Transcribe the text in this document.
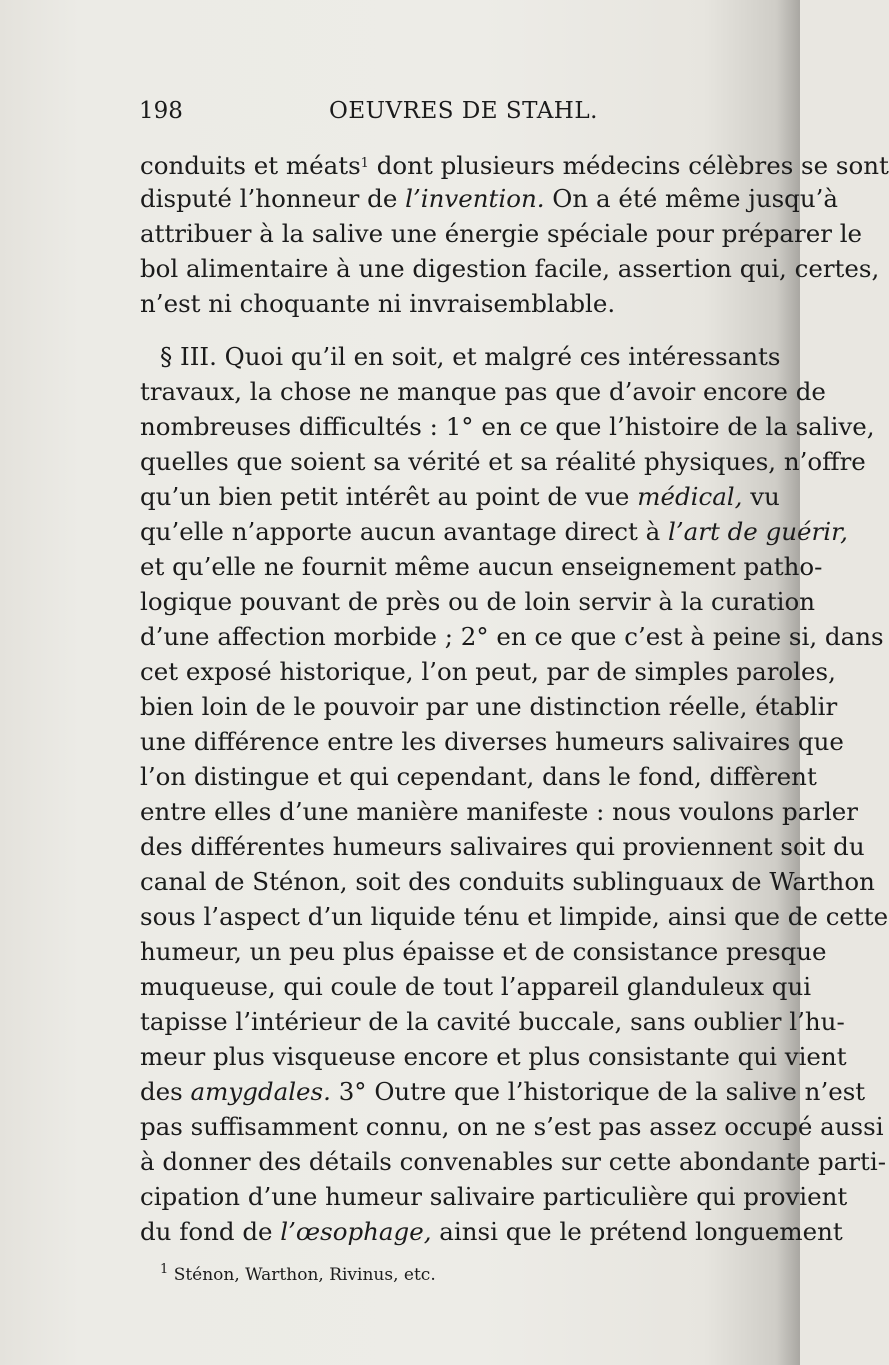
198	OEUVRES DE STAHL.
conduits et méats$^1$ dont plusieurs médecins célèbres se sont
disputé l’honneur de l’invention. On a été même jusqu’à
attribuer à la salive une énergie spéciale pour préparer le
bol alimentaire à une digestion facile, assertion qui, certes,
n’est ni choquante ni invraisemblable.
§ III. Quoi qu’il en soit, et malgré ces intéressants
travaux, la chose ne manque pas que d’avoir encore de
nombreuses difficultés : 1° en ce que l’histoire de la salive,
quelles que soient sa vérité et sa réalité physiques, n’offre
qu’un bien petit intérêt au point de vue médical, vu
qu’elle n’apporte aucun avantage direct à l’art de guérir,
et qu’elle ne fournit même aucun enseignement patho-
logique pouvant de près ou de loin servir à la curation
d’une affection morbide ; 2° en ce que c’est à peine si, dans
cet exposé historique, l’on peut, par de simples paroles,
bien loin de le pouvoir par une distinction réelle, établir
une différence entre les diverses humeurs salivaires que
l’on distingue et qui cependant, dans le fond, diffèrent
entre elles d’une manière manifeste : nous voulons parler
des différentes humeurs salivaires qui proviennent soit du
canal de Sténon, soit des conduits sublinguaux de Warthon
sous l’aspect d’un liquide ténu et limpide, ainsi que de cette
humeur, un peu plus épaisse et de consistance presque
muqueuse, qui coule de tout l’appareil glanduleux qui
tapisse l’intérieur de la cavité buccale, sans oublier l’hu-
meur plus visqueuse encore et plus consistante qui vient
des amygdales. 3° Outre que l’historique de la salive n’est
pas suffisamment connu, on ne s’est pas assez occupé aussi
à donner des détails convenables sur cette abondante parti-
cipation d’une humeur salivaire particulière qui provient
du fond de l’œsophage, ainsi que le prétend longuement
$^1$ Sténon, Warthon, Rivinus, etc.
